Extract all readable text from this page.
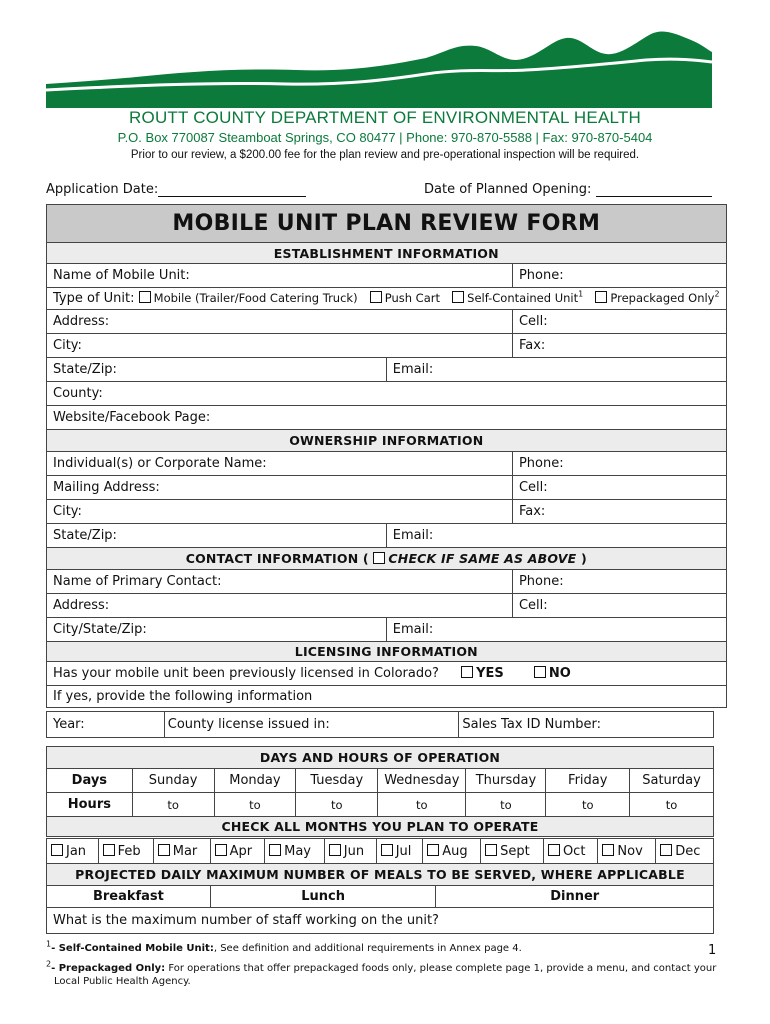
ROUTT COUNTY DEPARTMENT OF ENVIRONMENTAL HEALTH
P.O. Box 770087 Steamboat Springs, CO 80477 | Phone: 970-870-5588 | Fax: 970-870-5404
Prior to our review, a $200.00 fee for the plan review and pre-operational inspection will be required.
Application Date:	Date of Planned Opening:
MOBILE UNIT PLAN REVIEW FORM		
ESTABLISHMENT INFORMATION		
Name of Mobile Unit:		Phone:
Type of Unit: Mobile (Trailer/Food Catering Truck) Push Cart Self-Contained Unit$^1$ Prepackaged Only$^2$
Address:		Cell:
City:		Fax:
State/Zip:	Email:	
County:		
Website/Facebook Page:		
OWNERSHIP INFORMATION		
Individual(s) or Corporate Name:		Phone:
Mailing Address:		Cell:
City:		Fax:
State/Zip:	Email:	
CONTACT INFORMATION ( CHECK IF SAME AS ABOVE )		
Name of Primary Contact:		Phone:
Address:		Cell:
City/State/Zip:	Email:	
LICENSING INFORMATION		
Has your mobile unit been previously licensed in Colorado? YES NO		
If yes, provide the following information		
Year:	County license issued in:	Sales Tax ID Number:
DAYS AND HOURS OF OPERATION							
Days	Sunday	Monday	Tuesday	Wednesday	Thursday	Friday	Saturday
Hours	to	to	to	to	to	to	to
CHECK ALL MONTHS YOU PLAN TO OPERATE							
Jan	Feb	Mar	Apr	May	Jun	Jul	Aug	Sept	Oct	Nov	Dec
PROJECTED DAILY MAXIMUM NUMBER OF MEALS TO BE SERVED, WHERE APPLICABLE
Breakfast	Lunch	Dinner
What is the maximum number of staff working on the unit?
$^1$- Self-Contained Mobile Unit:, See definition and additional requirements in Annex page 4.
$^2$- Prepackaged Only: For operations that offer prepackaged foods only, please complete page 1, provide a menu, and contact your
Local Public Health Agency.
1
